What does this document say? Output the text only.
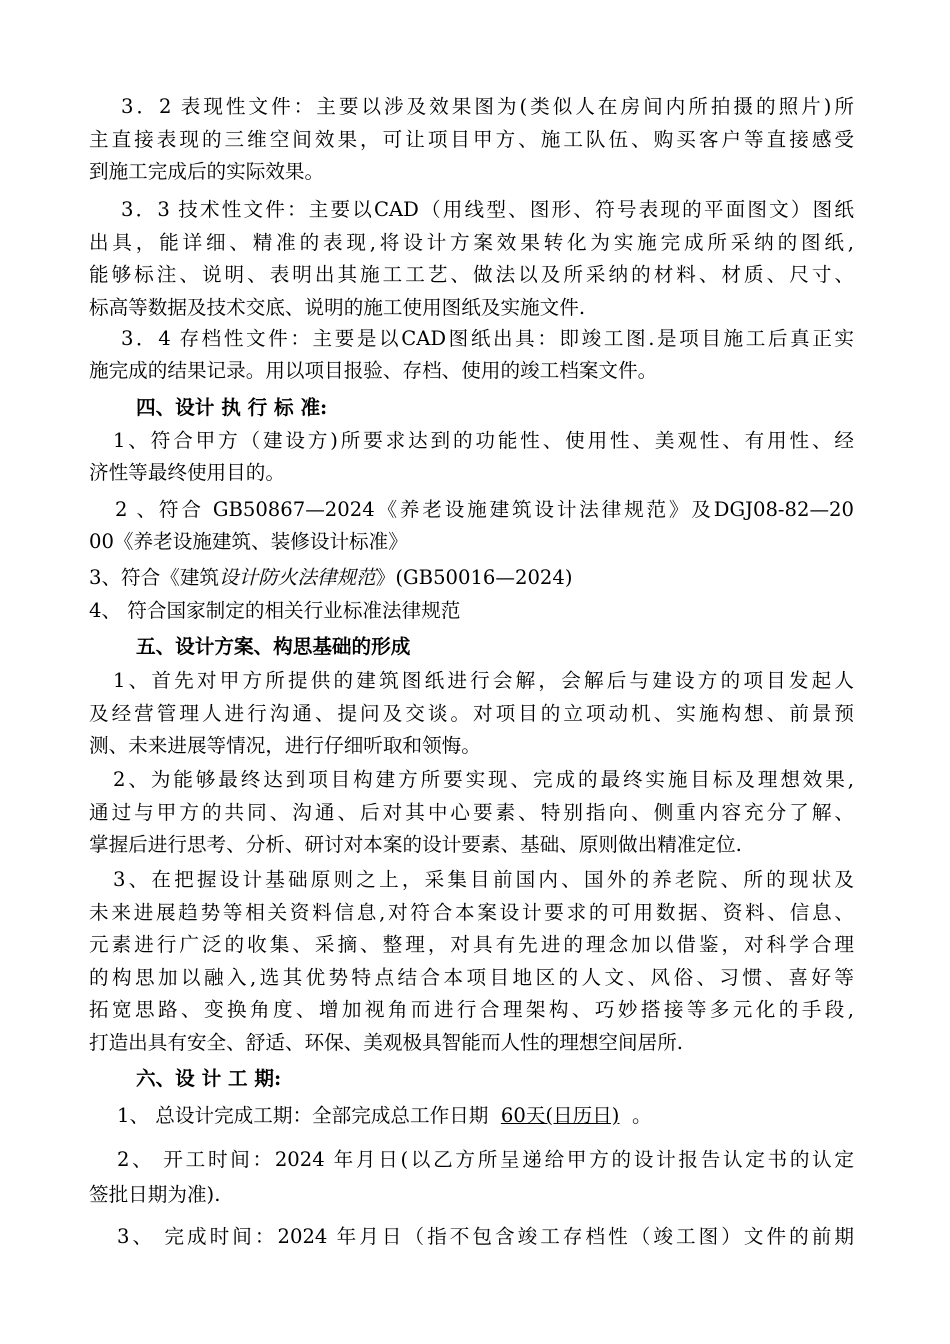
3．2 表现性文件：主要以涉及效果图为(类似人在房间内所拍摄的照片)所
主直接表现的三维空间效果，可让项目甲方、施工队伍、购买客户等直接感受
到施工完成后的实际效果。
3．3 技术性文件：主要以CAD（用线型、图形、符号表现的平面图文）图纸
出具，能详细、精准的表现,将设计方案效果转化为实施完成所采纳的图纸,
能够标注、说明、表明出其施工工艺、做法以及所采纳的材料、材质、尺寸、
标高等数据及技术交底、说明的施工使用图纸及实施文件.
3．4 存档性文件：主要是以CAD图纸出具：即竣工图.是项目施工后真正实
施完成的结果记录。用以项目报验、存档、使用的竣工档案文件。
四、设计 执 行 标 准:
1、符合甲方（建设方)所要求达到的功能性、使用性、美观性、有用性、经
济性等最终使用目的。
2 、符合 GB50867—2024《养老设施建筑设计法律规范》及DGJ08-82—20
00《养老设施建筑、装修设计标准》
3、符合《建筑设计防火法律规范》(GB50016—2024)
4、 符合国家制定的相关行业标准法律规范
五、设计方案、构思基础的形成
1、首先对甲方所提供的建筑图纸进行会解，会解后与建设方的项目发起人
及经营管理人进行沟通、提问及交谈。对项目的立项动机、实施构想、前景预
测、未来进展等情况，进行仔细听取和领悔。
2、为能够最终达到项目构建方所要实现、完成的最终实施目标及理想效果,
通过与甲方的共同、沟通、后对其中心要素、特别指向、侧重内容充分了解、
掌握后进行思考、分析、研讨对本案的设计要素、基础、原则做出精准定位.
3、在把握设计基础原则之上，采集目前国内、国外的养老院、所的现状及
未来进展趋势等相关资料信息,对符合本案设计要求的可用数据、资料、信息、
元素进行广泛的收集、采摘、整理，对具有先进的理念加以借鉴，对科学合理
的构思加以融入,选其优势特点结合本项目地区的人文、风俗、习惯、喜好等
拓宽思路、变换角度、增加视角而进行合理架构、巧妙搭接等多元化的手段,
打造出具有安全、舒适、环保、美观极具智能而人性的理想空间居所.
六、设 计 工 期:
1、 总设计完成工期：全部完成总工作日期 60天(日历日) 。
2、 开工时间：2024 年月日(以乙方所呈递给甲方的设计报告认定书的认定
签批日期为准).
3、 完成时间：2024 年月日（指不包含竣工存档性（竣工图）文件的前期
